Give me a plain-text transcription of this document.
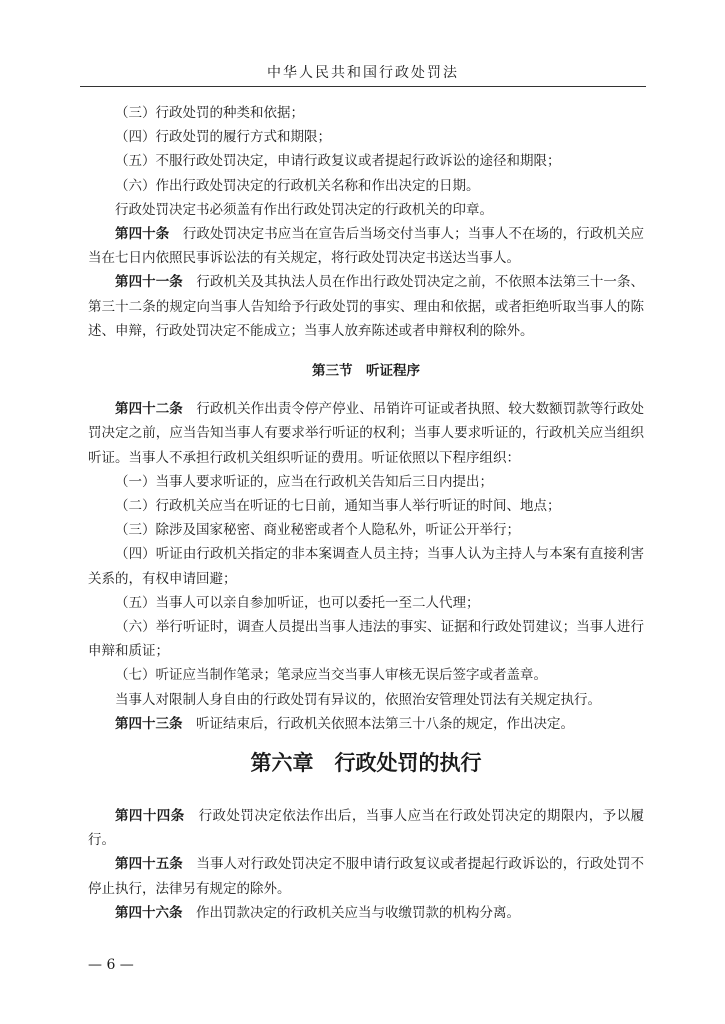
中华人民共和国行政处罚法

（三）行政处罚的种类和依据；

（四）行政处罚的履行方式和期限；

（五）不服行政处罚决定，申请行政复议或者提起行政诉讼的途径和期限；

（六）作出行政处罚决定的行政机关名称和作出决定的日期。

行政处罚决定书必须盖有作出行政处罚决定的行政机关的印章。

第四十条　 行政处罚决定书应当在宣告后当场交付当事人；当事人不在场的，行政机关应当在七日内依照民事诉讼法的有关规定，将行政处罚决定书送达当事人。

第四十一条　 行政机关及其执法人员在作出行政处罚决定之前，不依照本法第三十一条、第三十二条的规定向当事人告知给予行政处罚的事实、理由和依据，或者拒绝听取当事人的陈述、申辩，行政处罚决定不能成立；当事人放弃陈述或者申辩权利的除外。

第三节　听证程序

第四十二条　 行政机关作出责令停产停业、吊销许可证或者执照、较大数额罚款等行政处罚决定之前，应当告知当事人有要求举行听证的权利；当事人要求听证的，行政机关应当组织听证。当事人不承担行政机关组织听证的费用。听证依照以下程序组织：

（一）当事人要求听证的，应当在行政机关告知后三日内提出；

（二）行政机关应当在听证的七日前，通知当事人举行听证的时间、地点；

（三）除涉及国家秘密、商业秘密或者个人隐私外，听证公开举行；

（四）听证由行政机关指定的非本案调查人员主持；当事人认为主持人与本案有直接利害关系的，有权申请回避；

（五）当事人可以亲自参加听证，也可以委托一至二人代理；

（六）举行听证时，调查人员提出当事人违法的事实、证据和行政处罚建议；当事人进行申辩和质证；

（七）听证应当制作笔录；笔录应当交当事人审核无误后签字或者盖章。

当事人对限制人身自由的行政处罚有异议的，依照治安管理处罚法有关规定执行。

第四十三条　 听证结束后，行政机关依照本法第三十八条的规定，作出决定。

第六章　行政处罚的执行

第四十四条　 行政处罚决定依法作出后，当事人应当在行政处罚决定的期限内，予以履行。

第四十五条　 当事人对行政处罚决定不服申请行政复议或者提起行政诉讼的，行政处罚不停止执行，法律另有规定的除外。

第四十六条　 作出罚款决定的行政机关应当与收缴罚款的机构分离。

— 6 —
